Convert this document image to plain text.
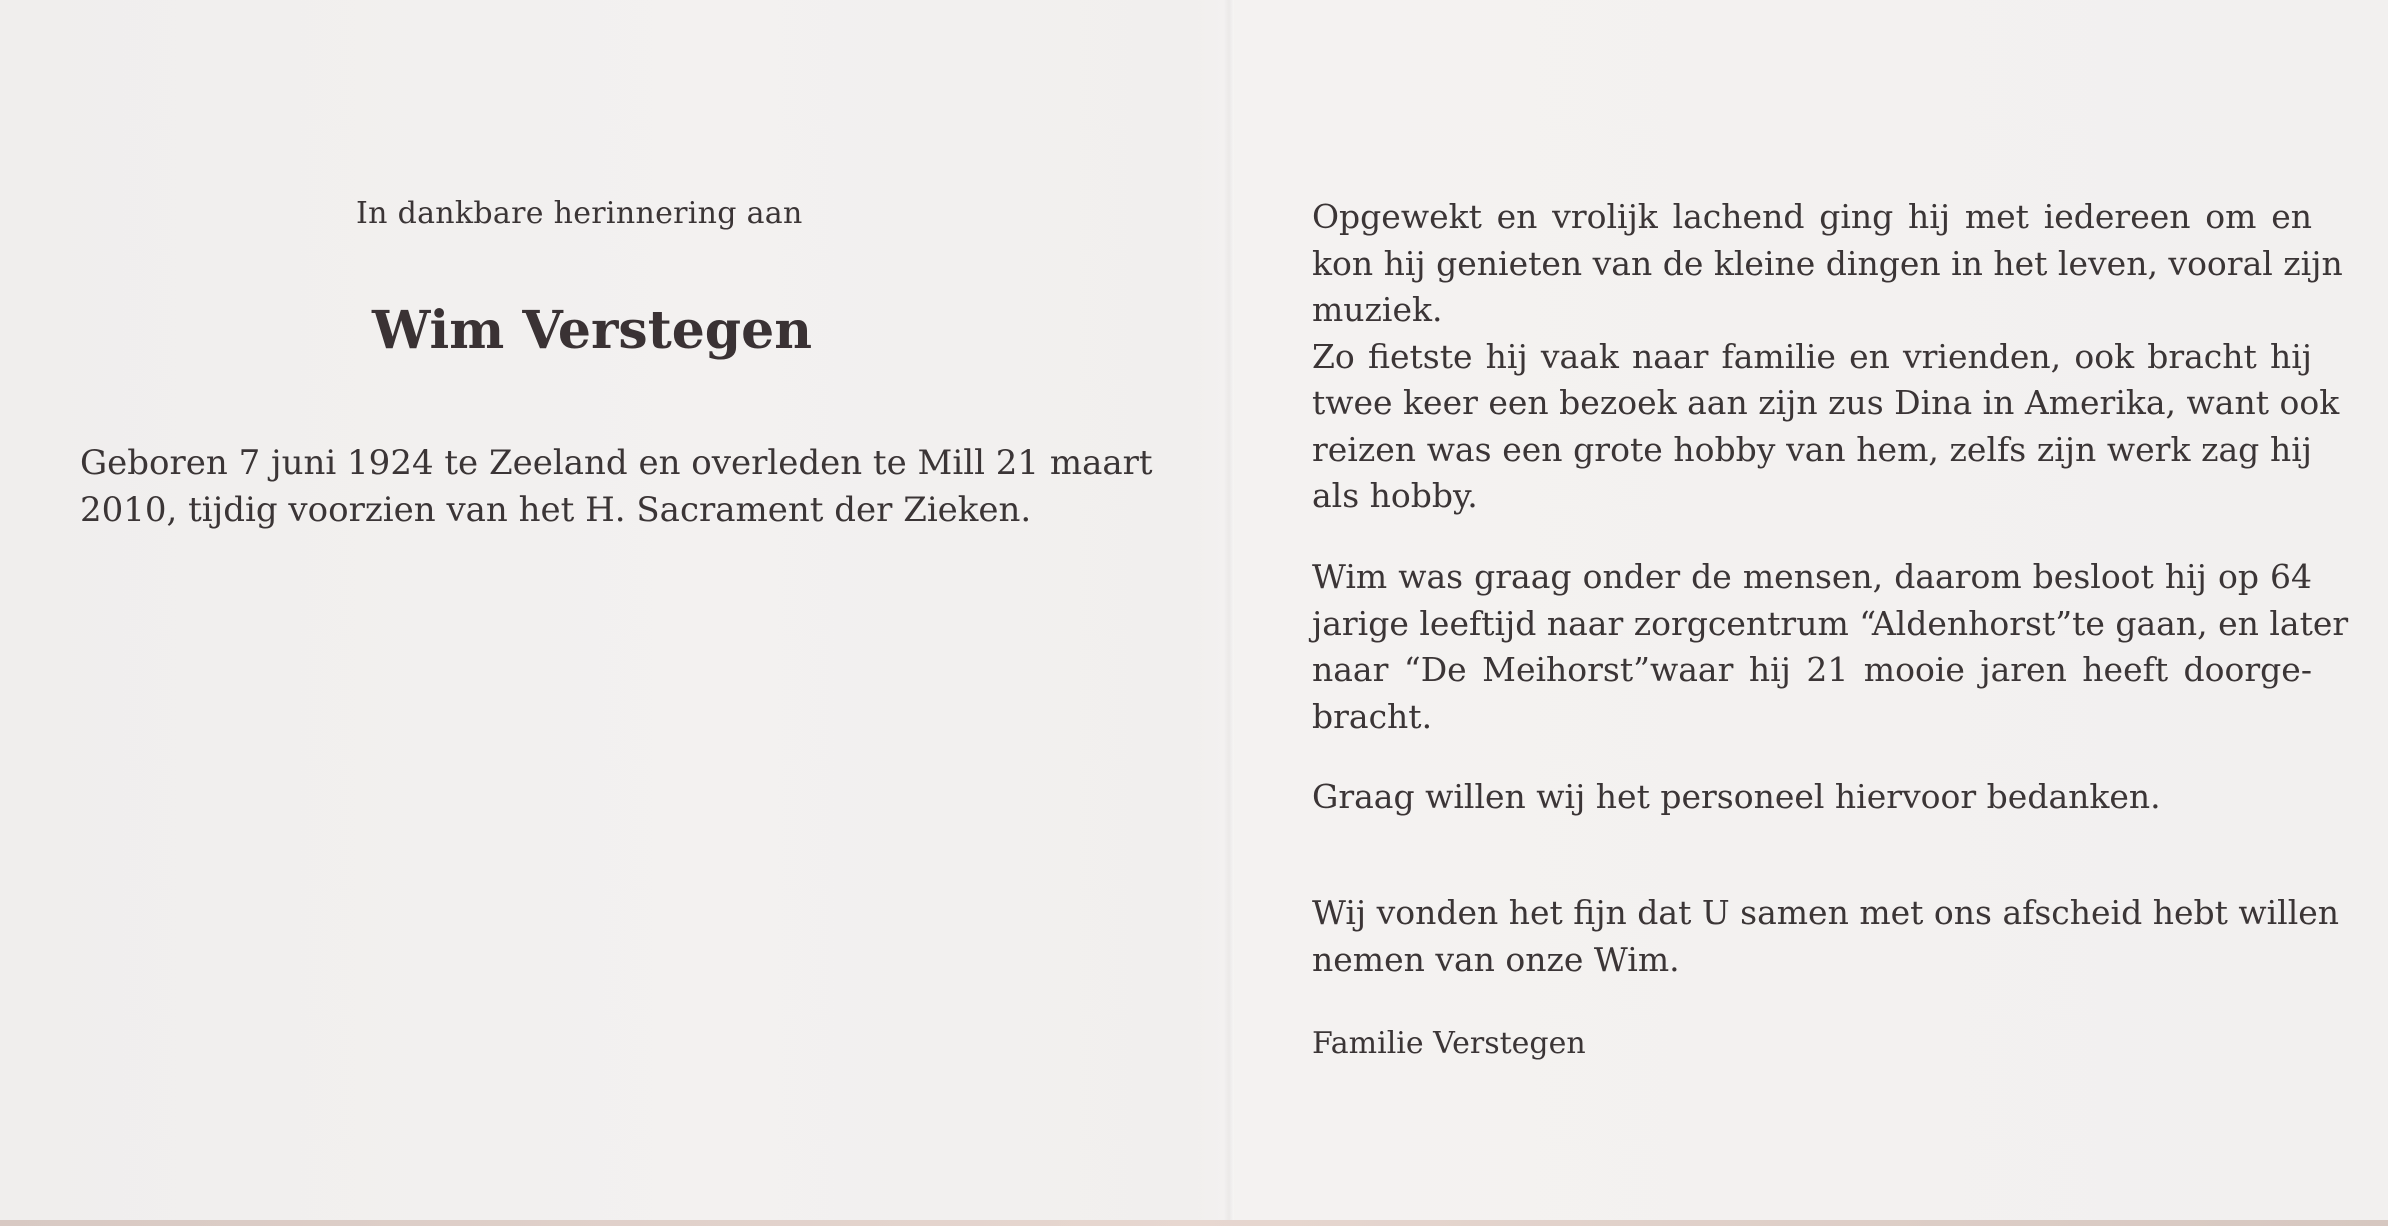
In dankbare herinnering aan
Wim Verstegen
Geboren 7 juni 1924 te Zeeland en overleden te Mill 21 maart
2010, tijdig voorzien van het H. Sacrament der Zieken.
Opgewekt en vrolijk lachend ging hij met iedereen om en
kon hij genieten van de kleine dingen in het leven, vooral zijn
muziek.
Zo fietste hij vaak naar familie en vrienden, ook bracht hij
twee keer een bezoek aan zijn zus Dina in Amerika, want ook
reizen was een grote hobby van hem, zelfs zijn werk zag hij
als hobby.
Wim was graag onder de mensen, daarom besloot hij op 64
jarige leeftijd naar zorgcentrum “Aldenhorst”te gaan, en later
naar “De Meihorst”waar hij 21 mooie jaren heeft doorge-
bracht.
Graag willen wij het personeel hiervoor bedanken.
Wij vonden het fijn dat U samen met ons afscheid hebt willen
nemen van onze Wim.
Familie Verstegen
